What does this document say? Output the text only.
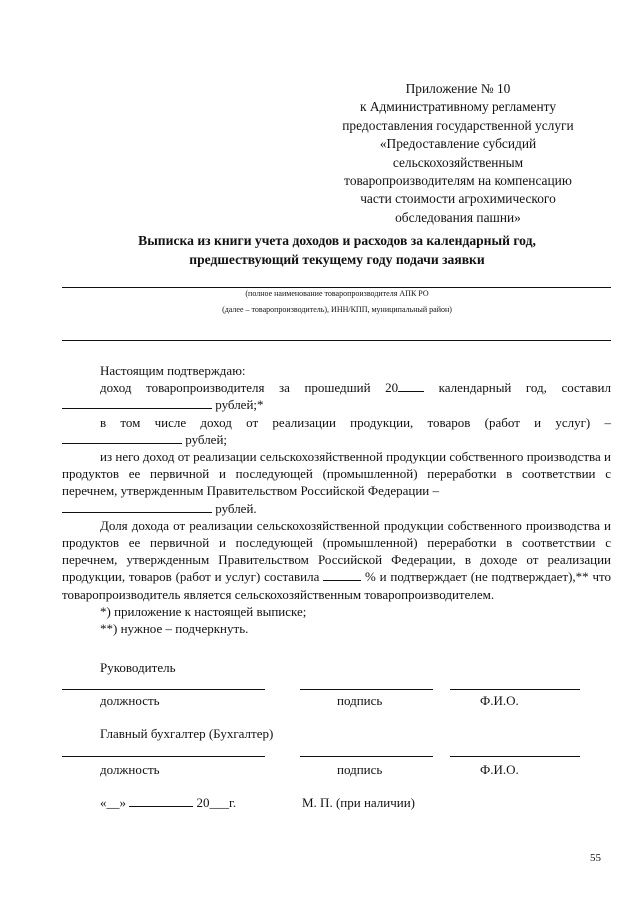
Приложение № 10
к Административному регламенту
предоставления государственной услуги
«Предоставление субсидий
сельскохозяйственным
товаропроизводителям на компенсацию
части стоимости агрохимического
обследования пашни»
Выписка из книги учета доходов и расходов за календарный год,
предшествующий текущему году подачи заявки
(полное наименование товаропроизводителя АПК РО
(далее – товаропроизводитель), ИНН/КПП, муниципальный район)

Настоящим подтверждаю:

доход товаропроизводителя за прошедший 20	календарный год, составил

рублей;*

в том числе доход от реализации продукции, товаров (работ и услуг) –

рублей;

из него доход от реализации сельскохозяйственной продукции собственного производства и продуктов ее первичной и последующей (промышленной) переработки в соответствии с перечнем, утвержденным Правительством Российской Федерации –

рублей.

Доля дохода от реализации сельскохозяйственной продукции собственного производства и продуктов ее первичной и последующей (промышленной) переработки в соответствии с перечнем, утвержденным Правительством Российской Федерации, в доходе от реализации продукции, товаров (работ и услуг) составила	% и подтверждает (не подтверждает),** что товаропроизводитель является сельскохозяйственным товаропроизводителем.

*) приложение к настоящей выписке;

**) нужное – подчеркнуть.

Руководитель
должность	подпись	Ф.И.О.
Главный бухгалтер (Бухгалтер)
должность	подпись	Ф.И.О.
«__»	20___г.	М. П. (при наличии)
55
